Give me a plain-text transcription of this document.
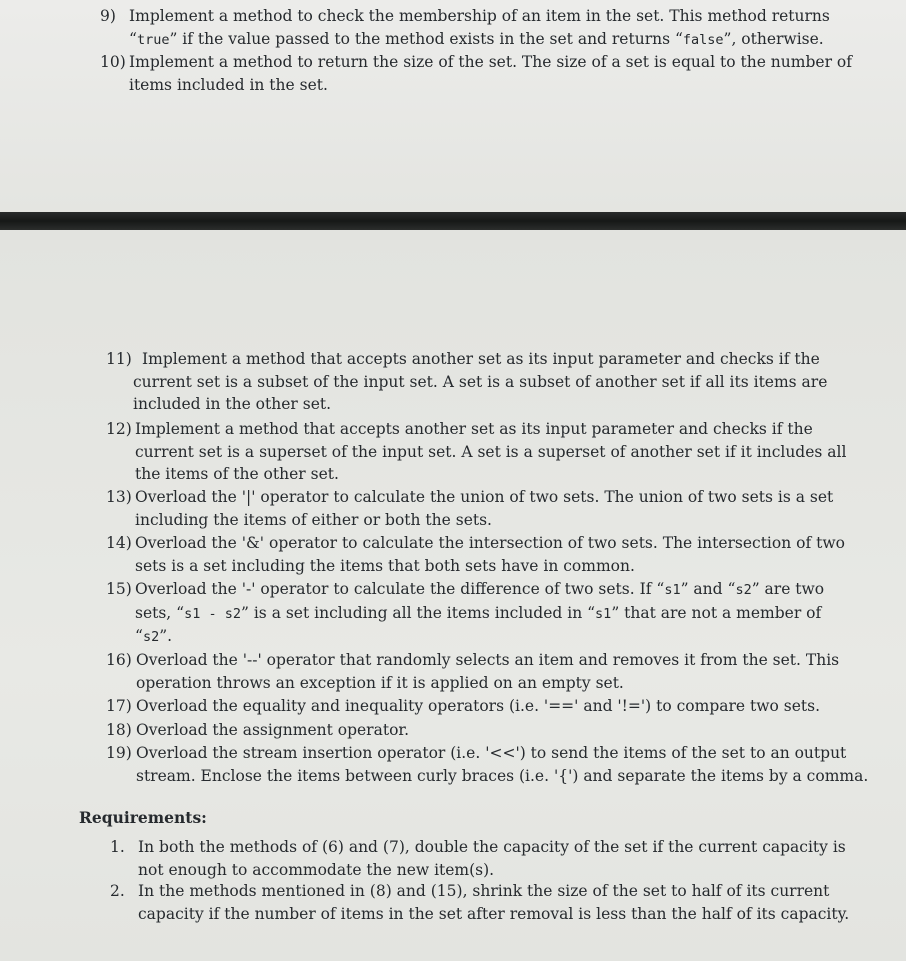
9) Implement a method to check the membership of an item in the set. This method returns
“true” if the value passed to the method exists in the set and returns “false”, otherwise.
10) Implement a method to return the size of the set. The size of a set is equal to the number of
items included in the set.
11) Implement a method that accepts another set as its input parameter and checks if the
current set is a subset of the input set. A set is a subset of another set if all its items are
included in the other set.
12) Implement a method that accepts another set as its input parameter and checks if the
current set is a superset of the input set. A set is a superset of another set if it includes all
the items of the other set.
13) Overload the '|' operator to calculate the union of two sets. The union of two sets is a set
including the items of either or both the sets.
14) Overload the '&' operator to calculate the intersection of two sets. The intersection of two
sets is a set including the items that both sets have in common.
15) Overload the '-' operator to calculate the difference of two sets. If “s1” and “s2” are two
sets, “s1 - s2” is a set including all the items included in “s1” that are not a member of
“s2”.
16) Overload the '--' operator that randomly selects an item and removes it from the set. This
operation throws an exception if it is applied on an empty set.
17) Overload the equality and inequality operators (i.e. '==' and '!=') to compare two sets.
18) Overload the assignment operator.
19) Overload the stream insertion operator (i.e. '<<') to send the items of the set to an output
stream. Enclose the items between curly braces (i.e. '{') and separate the items by a comma.
Requirements:
1. In both the methods of (6) and (7), double the capacity of the set if the current capacity is
not enough to accommodate the new item(s).
2. In the methods mentioned in (8) and (15), shrink the size of the set to half of its current
capacity if the number of items in the set after removal is less than the half of its capacity.
